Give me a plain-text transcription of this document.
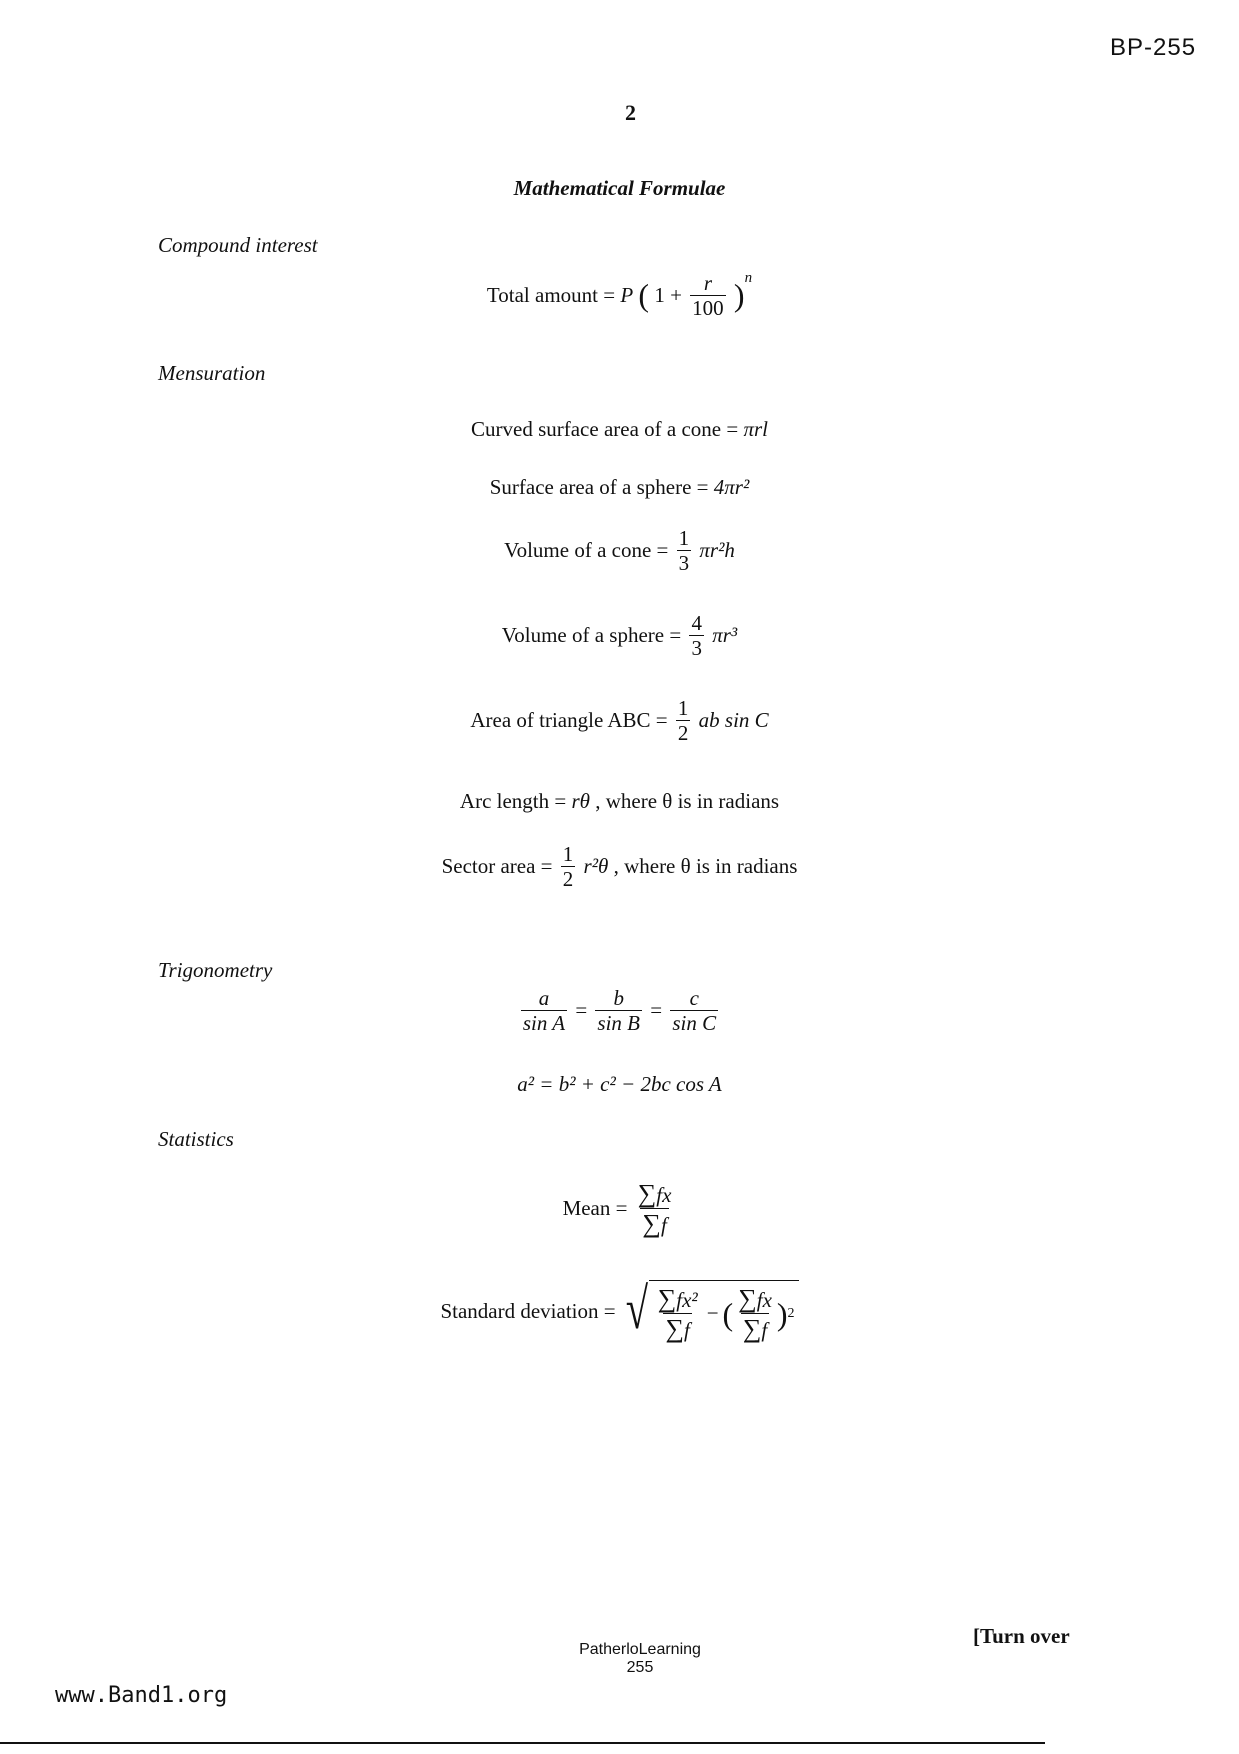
BP-255
2
Mathematical Formulae
Compound interest
Total amount = P ( $1 + \frac{r}{100} )^n$
Mensuration
Curved surface area of a cone = πrl
Surface area of a sphere = 4πr²
Volume of a cone = $\frac{1}{3} \pi r^2h$
Volume of a sphere = $\frac{4}{3} \pi r^3$
Area of triangle ABC = $\frac{1}{2}$ ab sin C
Arc length = rθ , where θ is in radians
Sector area = $\frac{1}{2} r^2\theta$ , where θ is in radians
Trigonometry
$\frac{a}{\text{sin A}} = \frac{b}{\text{sin B}} = \frac{c}{\text{sin C}}$
a² = b² + c² − 2bc cos A
Statistics
Mean = $\frac{\sum fx}{\sum f}$
Standard deviation = √ $\frac{\text{∑fx²}}{\sum f}$ − ( $\frac{\sum fx}{\sum f}$ ) 2
PatherloLearning
255
[Turn over
www.Band1.org
